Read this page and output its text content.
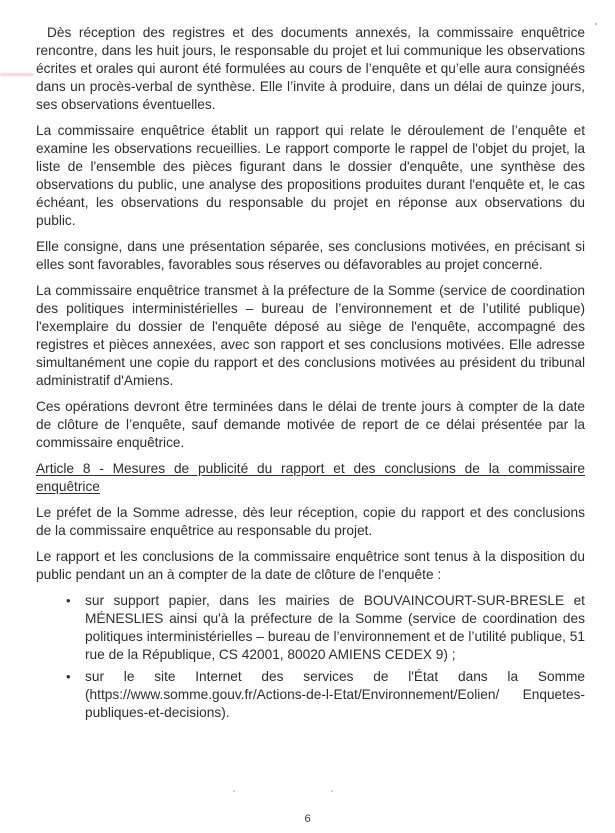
Dès réception des registres et des documents annexés, la commissaire enquêtrice rencontre, dans les huit jours, le responsable du projet et lui communique les observations écrites et orales qui auront été formulées au cours de l’enquête et qu’elle aura consignéés dans un procès-verbal de synthèse. Elle l’invite à produire, dans un délai de quinze jours, ses observations éventuelles.

La commissaire enquêtrice établit un rapport qui relate le déroulement de l’enquête et examine les observations recueillies. Le rapport comporte le rappel de l'objet du projet, la liste de l'ensemble des pièces figurant dans le dossier d'enquête, une synthèse des observations du public, une analyse des propositions produites durant l'enquête et, le cas échéant, les observations du responsable du projet en réponse aux observations du public.

Elle consigne, dans une présentation séparée, ses conclusions motivées, en précisant si elles sont favorables, favorables sous réserves ou défavorables au projet concerné.

La commissaire enquêtrice transmet à la préfecture de la Somme (service de coordination des politiques interministérielles – bureau de l’environnement et de l’utilité publique) l'exemplaire du dossier de l'enquête déposé au siège de l'enquête, accompagné des registres et pièces annexées, avec son rapport et ses conclusions motivées. Elle adresse simultanément une copie du rapport et des conclusions motivées au président du tribunal administratif d'Amiens.

Ces opérations devront être terminées dans le délai de trente jours à compter de la date de clôture de l’enquête, sauf demande motivée de report de ce délai présentée par la commissaire enquêtrice.

Article 8 - Mesures de publicité du rapport et des conclusions de la commissaire enquêtrice

Le préfet de la Somme adresse, dès leur réception, copie du rapport et des conclusions de la commissaire enquêtrice au responsable du projet.

Le rapport et les conclusions de la commissaire enquêtrice sont tenus à la disposition du public pendant un an à compter de la date de clôture de l'enquête :

• sur support papier, dans les mairies de BOUVAINCOURT-SUR-BRESLE et MÉNESLIES ainsi qu'à la préfecture de la Somme (service de coordination des politiques interministérielles – bureau de l’environnement et de l’utilité publique, 51 rue de la République, CS 42001, 80020 AMIENS CEDEX 9) ;
• sur le site Internet des services de l'État dans la Somme (https://www.somme.gouv.fr/Actions-de-l-Etat/Environnement/Eolien/ Enquetes-publiques-et-decisions).
6
